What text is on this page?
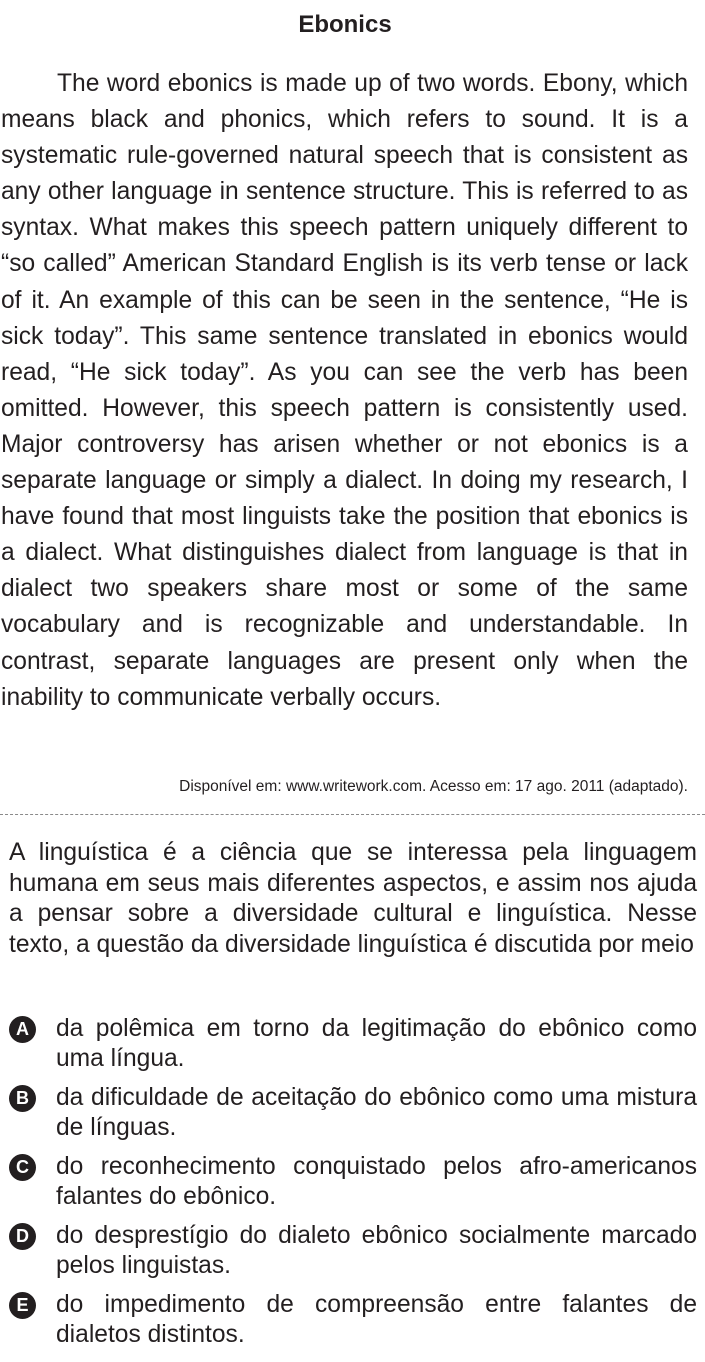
Ebonics

The word ebonics is made up of two words. Ebony, which means black and phonics, which refers to sound. It is a systematic rule-governed natural speech that is consistent as any other language in sentence structure. This is referred to as syntax. What makes this speech pattern uniquely different to “so called” American Standard English is its verb tense or lack of it. An example of this can be seen in the sentence, “He is sick today”. This same sentence translated in ebonics would read, “He sick today”. As you can see the verb has been omitted. However, this speech pattern is consistently used. Major controversy has arisen whether or not ebonics is a separate language or simply a dialect. In doing my research, I have found that most linguists take the position that ebonics is a dialect. What distinguishes dialect from language is that in dialect two speakers share most or some of the same vocabulary and is recognizable and understandable. In contrast, separate languages are present only when the inability to communicate verbally occurs.

Disponível em: www.writework.com. Acesso em: 17 ago. 2011 (adaptado).

A linguística é a ciência que se interessa pela linguagem humana em seus mais diferentes aspectos, e assim nos ajuda a pensar sobre a diversidade cultural e linguística. Nesse texto, a questão da diversidade linguística é discutida por meio

A da polêmica em torno da legitimação do ebônico como uma língua.
B da dificuldade de aceitação do ebônico como uma mistura de línguas.
C do reconhecimento conquistado pelos afro-americanos falantes do ebônico.
D do desprestígio do dialeto ebônico socialmente marcado pelos linguistas.
E	do impedimento de compreensão entre falantes de dialetos distintos.
